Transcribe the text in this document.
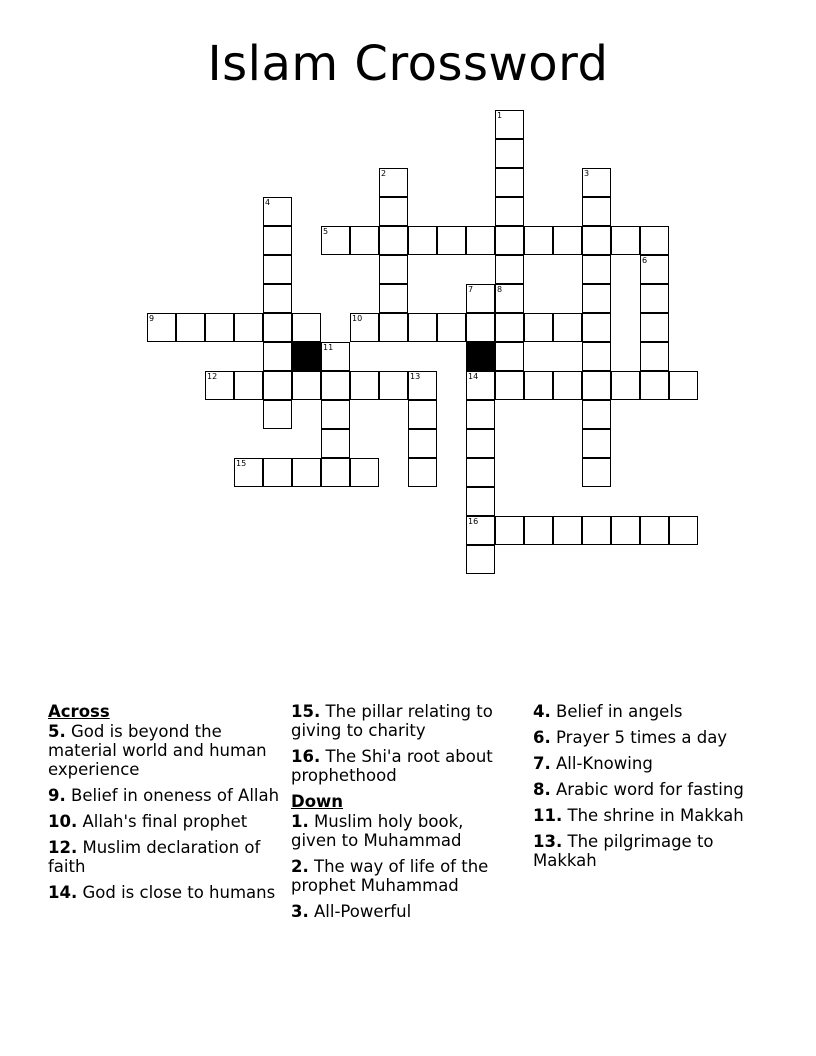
Islam Crossword
1
8
2	3
4
5
6
7
9	10
11
12	13	14
16
15
Across
5. God is beyond the material world and human experience
9. Belief in oneness of Allah
10. Allah's final prophet
12. Muslim declaration of faith
14. God is close to humans
15. The pillar relating to giving to charity
16. The Shi'a root about prophethood
Down
1. Muslim holy book, given to Muhammad
2. The way of life of the prophet Muhammad
3. All-Powerful
4. Belief in angels
6. Prayer 5 times a day
7. All-Knowing
8. Arabic word for fasting
11. The shrine in Makkah
13. The pilgrimage to Makkah
